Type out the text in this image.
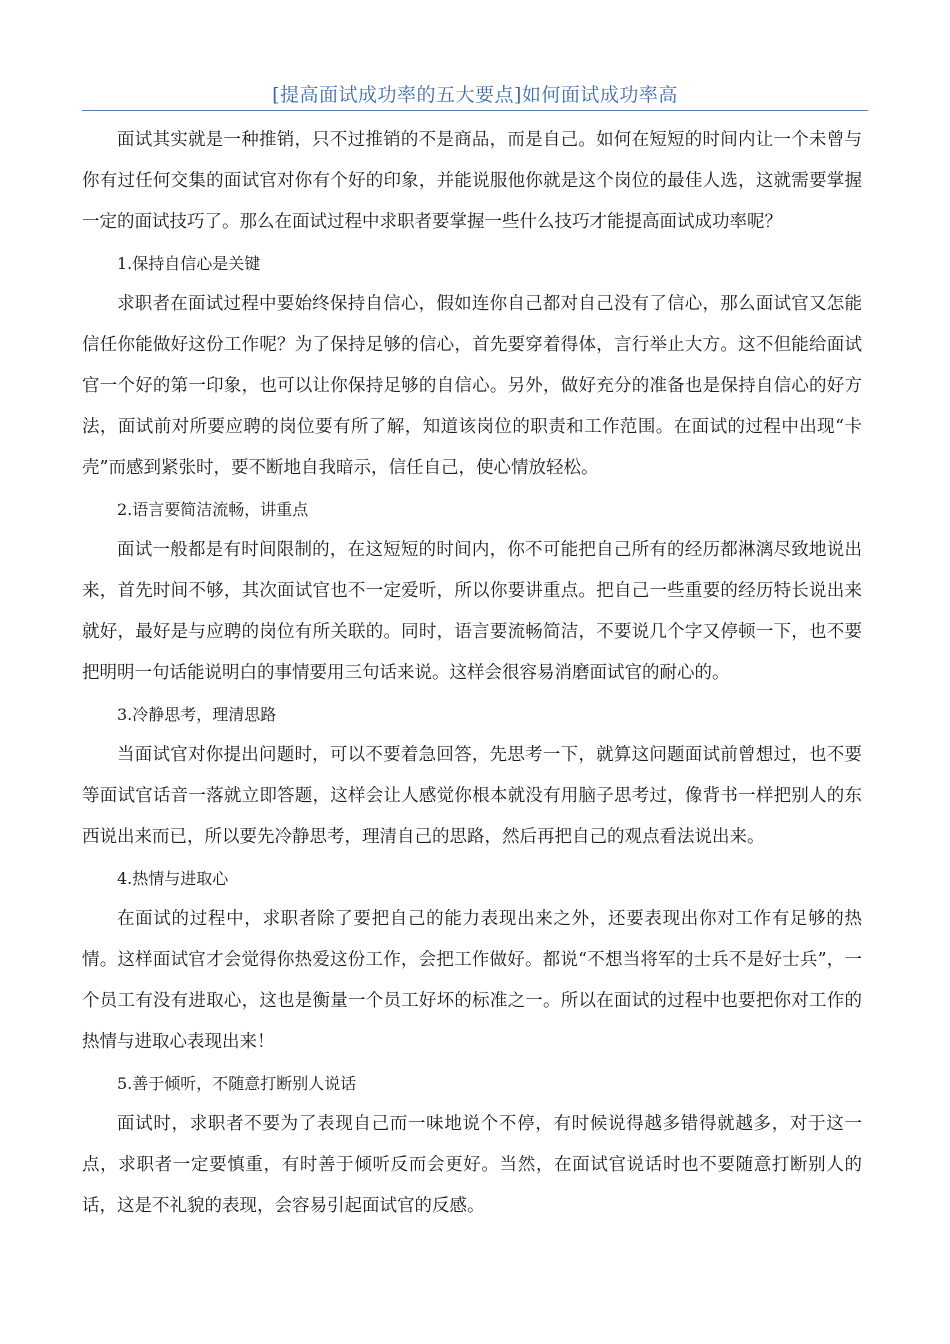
[提高面试成功率的五大要点]如何面试成功率高

面试其实就是一种推销，只不过推销的不是商品，而是自己。如何在短短的时间内让一个未曾与你有过任何交集的面试官对你有个好的印象，并能说服他你就是这个岗位的最佳人选，这就需要掌握一定的面试技巧了。那么在面试过程中求职者要掌握一些什么技巧才能提高面试成功率呢？

1.保持自信心是关键

求职者在面试过程中要始终保持自信心，假如连你自己都对自己没有了信心，那么面试官又怎能信任你能做好这份工作呢？为了保持足够的信心，首先要穿着得体，言行举止大方。这不但能给面试官一个好的第一印象，也可以让你保持足够的自信心。另外，做好充分的准备也是保持自信心的好方法，面试前对所要应聘的岗位要有所了解，知道该岗位的职责和工作范围。在面试的过程中出现“卡壳”而感到紧张时，要不断地自我暗示，信任自己，使心情放轻松。

2.语言要简洁流畅，讲重点

面试一般都是有时间限制的，在这短短的时间内，你不可能把自己所有的经历都淋漓尽致地说出来，首先时间不够，其次面试官也不一定爱听，所以你要讲重点。把自己一些重要的经历特长说出来就好，最好是与应聘的岗位有所关联的。同时，语言要流畅简洁，不要说几个字又停顿一下，也不要把明明一句话能说明白的事情要用三句话来说。这样会很容易消磨面试官的耐心的。

3.冷静思考，理清思路

当面试官对你提出问题时，可以不要着急回答，先思考一下，就算这问题面试前曾想过，也不要等面试官话音一落就立即答题，这样会让人感觉你根本就没有用脑子思考过，像背书一样把别人的东西说出来而已，所以要先冷静思考，理清自己的思路，然后再把自己的观点看法说出来。

4.热情与进取心

在面试的过程中，求职者除了要把自己的能力表现出来之外，还要表现出你对工作有足够的热情。这样面试官才会觉得你热爱这份工作，会把工作做好。都说“不想当将军的士兵不是好士兵”，一个员工有没有进取心，这也是衡量一个员工好坏的标准之一。所以在面试的过程中也要把你对工作的热情与进取心表现出来！

5.善于倾听，不随意打断别人说话

面试时，求职者不要为了表现自己而一味地说个不停，有时候说得越多错得就越多，对于这一点，求职者一定要慎重，有时善于倾听反而会更好。当然，在面试官说话时也不要随意打断别人的话，这是不礼貌的表现，会容易引起面试官的反感。
